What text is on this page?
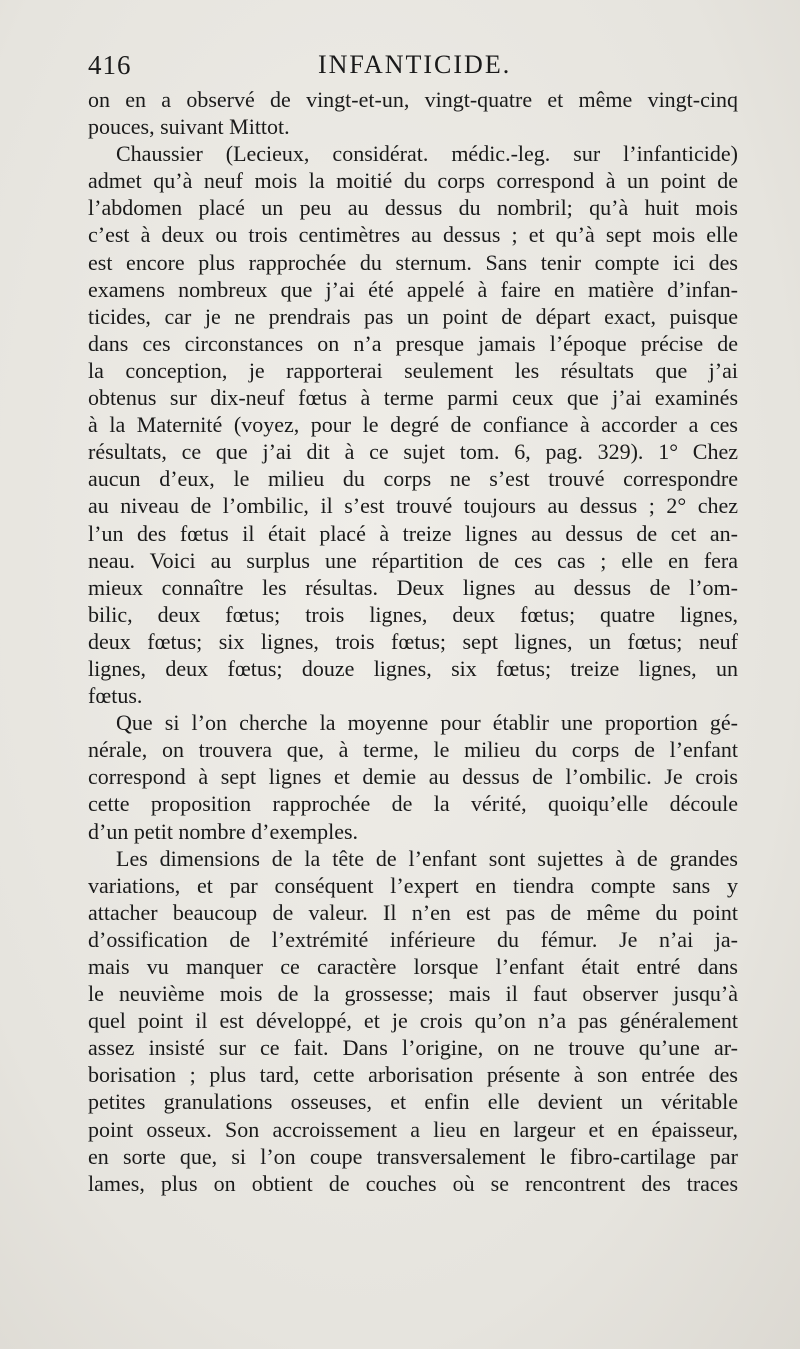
416	INFANTICIDE.
on en a observé de vingt-et-un, vingt-quatre et même vingt-cinq
pouces, suivant Mittot.
Chaussier (Lecieux, considérat. médic.-leg. sur l’infanticide)
admet qu’à neuf mois la moitié du corps correspond à un point de
l’abdomen placé un peu au dessus du nombril; qu’à huit mois
c’est à deux ou trois centimètres au dessus ; et qu’à sept mois elle
est encore plus rapprochée du sternum. Sans tenir compte ici des
examens nombreux que j’ai été appelé à faire en matière d’infan-
ticides, car je ne prendrais pas un point de départ exact, puisque
dans ces circonstances on n’a presque jamais l’époque précise de
la conception, je rapporterai seulement les résultats que j’ai
obtenus sur dix-neuf fœtus à terme parmi ceux que j’ai examinés
à la Maternité (voyez, pour le degré de confiance à accorder a ces
résultats, ce que j’ai dit à ce sujet tom. 6, pag. 329). 1° Chez
aucun d’eux, le milieu du corps ne s’est trouvé correspondre
au niveau de l’ombilic, il s’est trouvé toujours au dessus ; 2° chez
l’un des fœtus il était placé à treize lignes au dessus de cet an-
neau. Voici au surplus une répartition de ces cas ; elle en fera
mieux connaître les résultas. Deux lignes au dessus de l’om-
bilic, deux fœtus; trois lignes, deux fœtus; quatre lignes,
deux fœtus; six lignes, trois fœtus; sept lignes, un fœtus; neuf
lignes, deux fœtus; douze lignes, six fœtus; treize lignes, un
fœtus.
Que si l’on cherche la moyenne pour établir une proportion gé-
nérale, on trouvera que, à terme, le milieu du corps de l’enfant
correspond à sept lignes et demie au dessus de l’ombilic. Je crois
cette proposition rapprochée de la vérité, quoiqu’elle découle
d’un petit nombre d’exemples.
Les dimensions de la tête de l’enfant sont sujettes à de grandes
variations, et par conséquent l’expert en tiendra compte sans y
attacher beaucoup de valeur. Il n’en est pas de même du point
d’ossification de l’extrémité inférieure du fémur. Je n’ai ja-
mais vu manquer ce caractère lorsque l’enfant était entré dans
le neuvième mois de la grossesse; mais il faut observer jusqu’à
quel point il est développé, et je crois qu’on n’a pas généralement
assez insisté sur ce fait. Dans l’origine, on ne trouve qu’une ar-
borisation ; plus tard, cette arborisation présente à son entrée des
petites granulations osseuses, et enfin elle devient un véritable
point osseux. Son accroissement a lieu en largeur et en épaisseur,
en sorte que, si l’on coupe transversalement le fibro-cartilage par
lames, plus on obtient de couches où se rencontrent des traces
